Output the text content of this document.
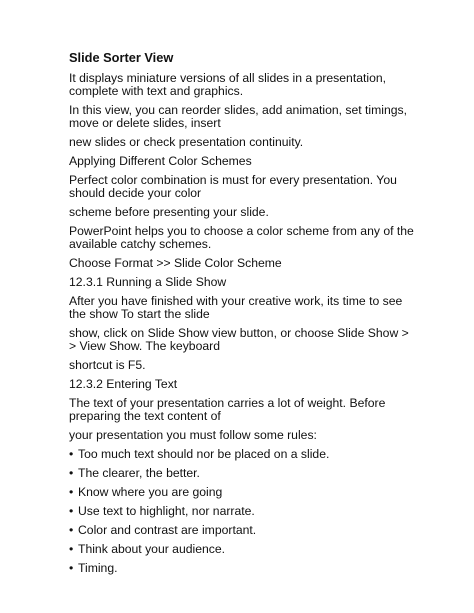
Slide Sorter View

It displays miniature versions of all slides in a presentation, complete with text and graphics.

In this view, you can reorder slides, add animation, set timings, move or delete slides, insert

new slides or check presentation continuity.

Applying Different Color Schemes

Perfect color combination is must for every presentation. You should decide your color

scheme before presenting your slide.

PowerPoint helps you to choose a color scheme from any of the available catchy schemes.

Choose Format >> Slide Color Scheme

12.3.1 Running a Slide Show

After you have finished with your creative work, its time to see the show To start the slide

show, click on Slide Show view button, or choose Slide Show > > View Show. The keyboard

shortcut is F5.

12.3.2 Entering Text

The text of your presentation carries a lot of weight. Before preparing the text content of

your presentation you must follow some rules:

• Too much text should nor be placed on a slide.
• The clearer, the better.
• Know where you are going
• Use text to highlight, nor narrate.
• Color and contrast are important.
• Think about your audience.
• Timing.
